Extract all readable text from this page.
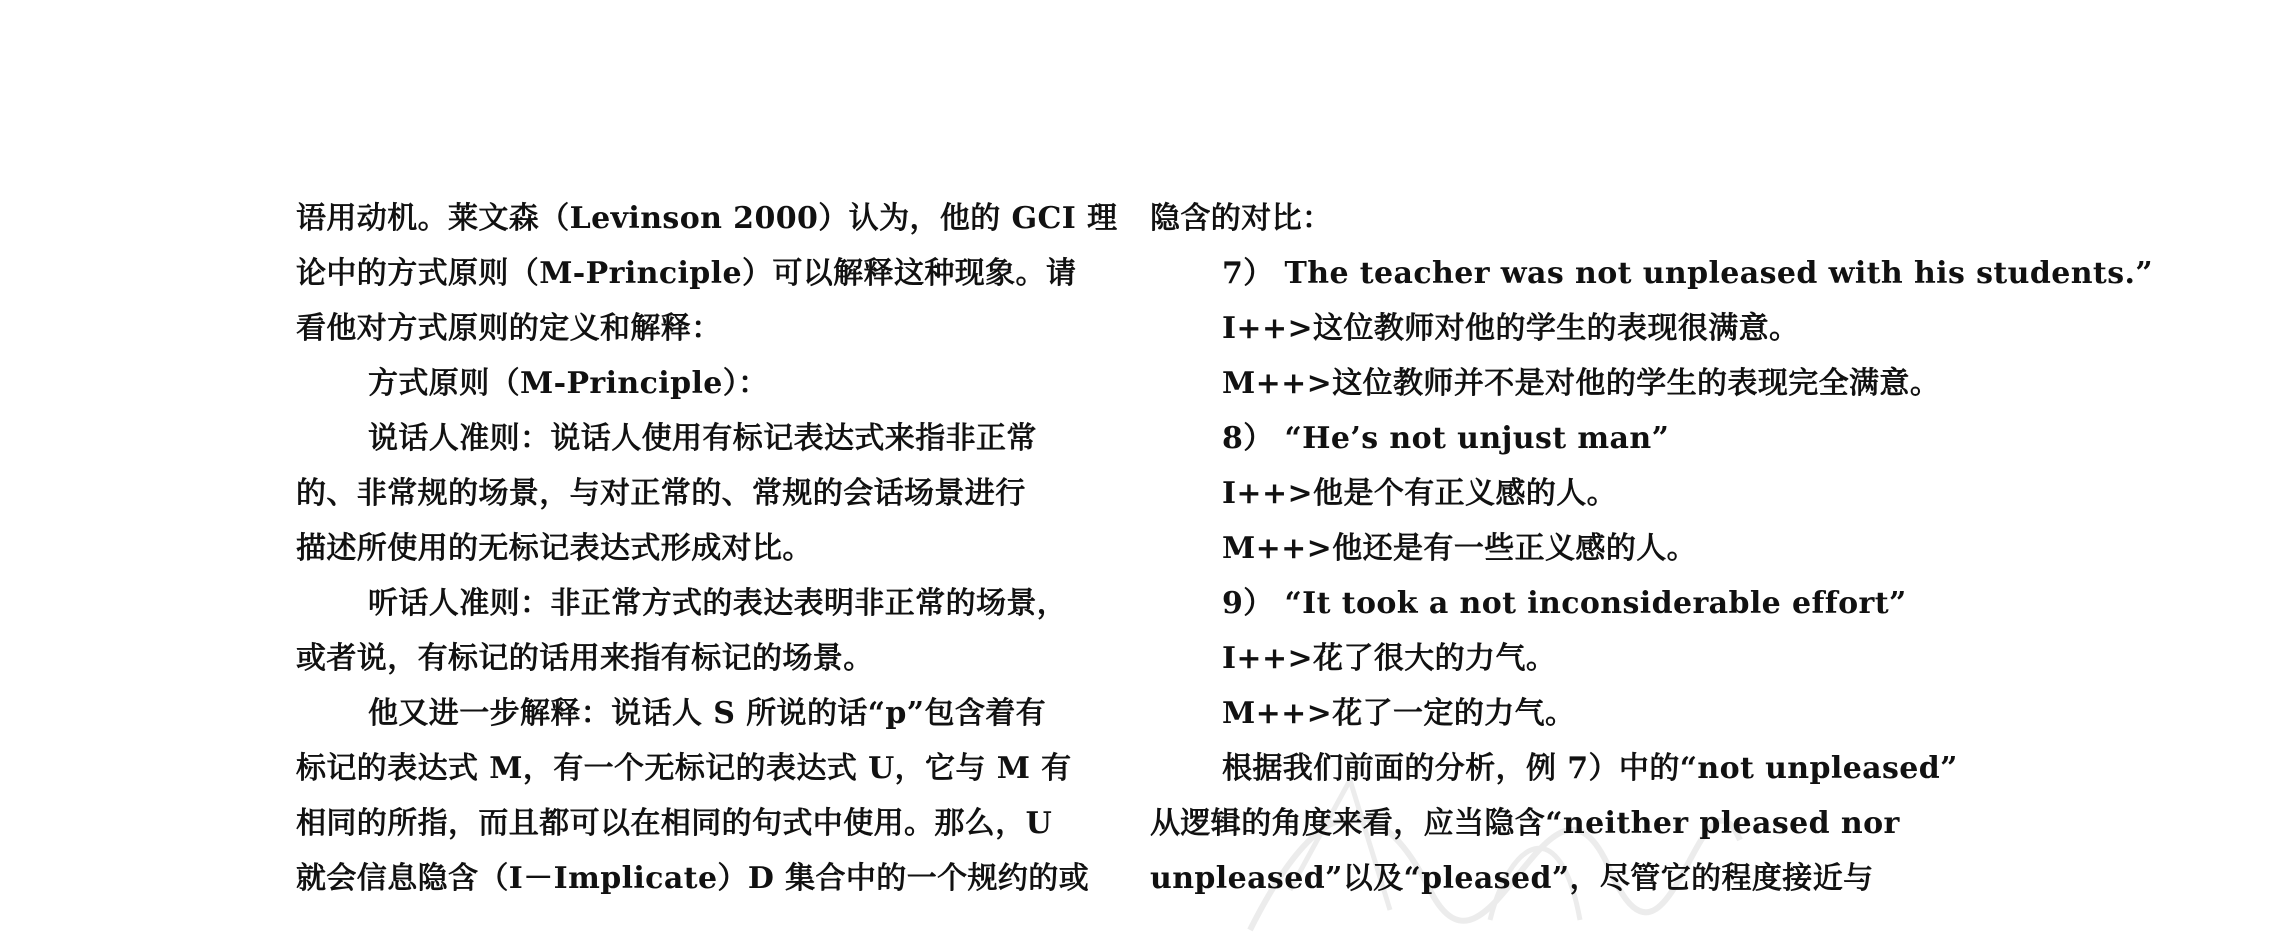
语用动机。莱文森（Levinson 2000）认为，他的 GCI 理
论中的方式原则（M-Principle）可以解释这种现象。请
看他对方式原则的定义和解释：
方式原则（M-Principle）：
说话人准则：说话人使用有标记表达式来指非正常
的、非常规的场景，与对正常的、常规的会话场景进行
描述所使用的无标记表达式形成对比。
听话人准则：非正常方式的表达表明非正常的场景，
或者说，有标记的话用来指有标记的场景。
他又进一步解释：说话人 S 所说的话“p”包含着有
标记的表达式 M，有一个无标记的表达式 U，它与 M 有
相同的所指，而且都可以在相同的句式中使用。那么，U
就会信息隐含（I－Implicate）D 集合中的一个规约的或
隐含的对比：
7） The teacher was not unpleased with his students.”
I++>这位教师对他的学生的表现很满意。
M++>这位教师并不是对他的学生的表现完全满意。
8） “He’s not unjust man”
I++>他是个有正义感的人。
M++>他还是有一些正义感的人。
9） “It took a not inconsiderable effort”
I++>花了很大的力气。
M++>花了一定的力气。
根据我们前面的分析，例 7）中的“not unpleased”
从逻辑的角度来看，应当隐含“neither pleased nor
unpleased”以及“pleased”，尽管它的程度接近与
